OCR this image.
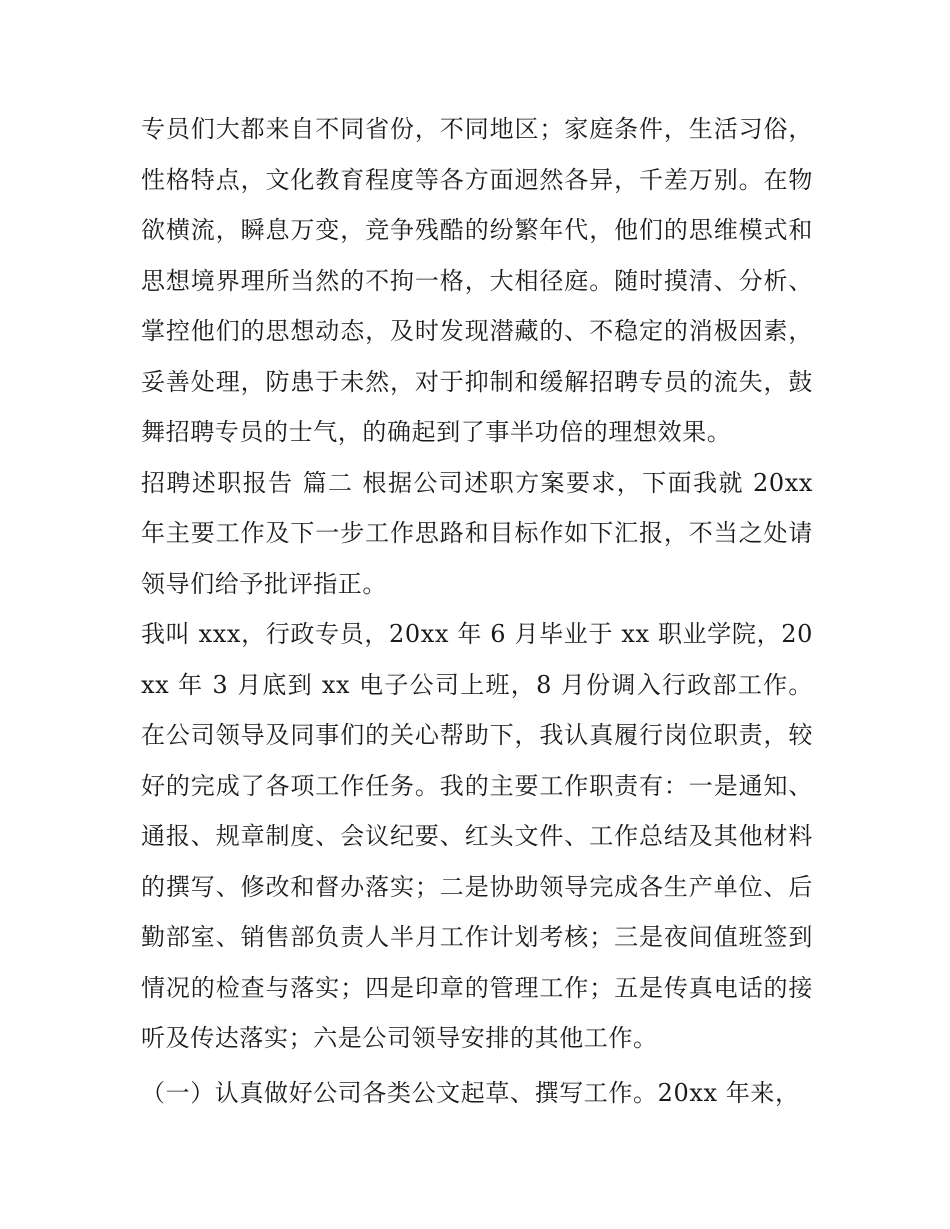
专员们大都来自不同省份，不同地区；家庭条件，生活习俗，性格特点，文化教育程度等各方面迥然各异，千差万别。在物欲横流，瞬息万变，竞争残酷的纷繁年代，他们的思维模式和思想境界理所当然的不拘一格，大相径庭。随时摸清、分析、掌控他们的思想动态，及时发现潜藏的、不稳定的消极因素，妥善处理，防患于未然，对于抑制和缓解招聘专员的流失，鼓舞招聘专员的士气，的确起到了事半功倍的理想效果。

招聘述职报告 篇二 根据公司述职方案要求，下面我就 20xx 年主要工作及下一步工作思路和目标作如下汇报，不当之处请领导们给予批评指正。

我叫 xxx，行政专员，20xx 年 6 月毕业于 xx 职业学院，20xx 年 3 月底到 xx 电子公司上班，8 月份调入行政部工作。在公司领导及同事们的关心帮助下，我认真履行岗位职责，较好的完成了各项工作任务。我的主要工作职责有：一是通知、通报、规章制度、会议纪要、红头文件、工作总结及其他材料的撰写、修改和督办落实；二是协助领导完成各生产单位、后勤部室、销售部负责人半月工作计划考核；三是夜间值班签到情况的检查与落实；四是印章的管理工作；五是传真电话的接听及传达落实；六是公司领导安排的其他工作。

（一）认真做好公司各类公文起草、撰写工作。20xx 年来，
